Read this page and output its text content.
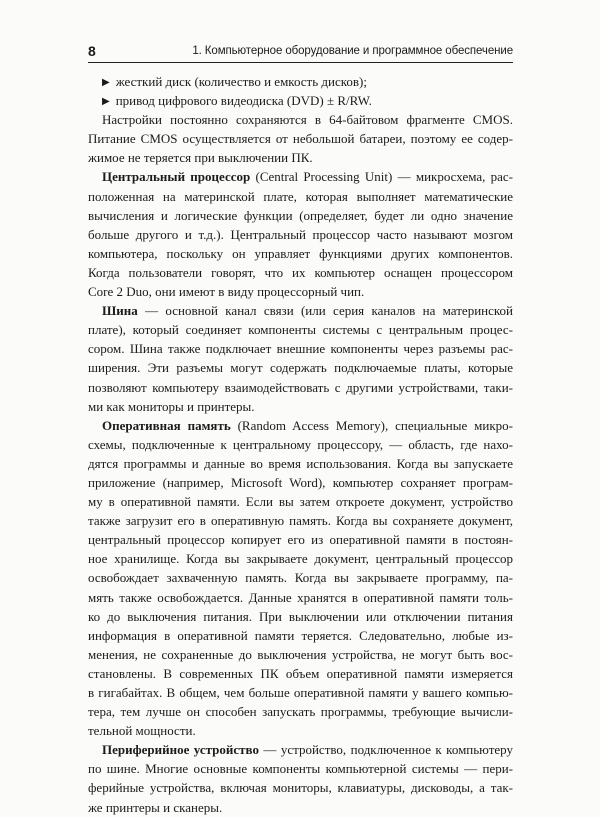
8	1. Компьютерное оборудование и программное обеспечение
▶ жесткий диск (количество и емкость дисков);
▶ привод цифрового видеодиска (DVD) ± R/RW.
Настройки постоянно сохраняются в 64-байтовом фрагменте CMOS.
Питание CMOS осуществляется от небольшой батареи, поэтому ее содер-
жимое не теряется при выключении ПК.
Центральный процессор (Central Processing Unit) — микросхема, рас-
положенная на материнской плате, которая выполняет математические
вычисления и логические функции (определяет, будет ли одно значение
больше другого и т.д.). Центральный процессор часто называют мозгом
компьютера, поскольку он управляет функциями других компонентов.
Когда пользователи говорят, что их компьютер оснащен процессором
Core 2 Duo, они имеют в виду процессорный чип.
Шина — основной канал связи (или серия каналов на материнской
плате), который соединяет компоненты системы с центральным процес-
сором. Шина также подключает внешние компоненты через разъемы рас-
ширения. Эти разъемы могут содержать подключаемые платы, которые
позволяют компьютеру взаимодействовать с другими устройствами, таки-
ми как мониторы и принтеры.
Оперативная память (Random Access Memory), специальные микро-
схемы, подключенные к центральному процессору, — область, где нахо-
дятся программы и данные во время использования. Когда вы запускаете
приложение (например, Microsoft Word), компьютер сохраняет програм-
му в оперативной памяти. Если вы затем откроете документ, устройство
также загрузит его в оперативную память. Когда вы сохраняете документ,
центральный процессор копирует его из оперативной памяти в постоян-
ное хранилище. Когда вы закрываете документ, центральный процессор
освобождает захваченную память. Когда вы закрываете программу, па-
мять также освобождается. Данные хранятся в оперативной памяти толь-
ко до выключения питания. При выключении или отключении питания
информация в оперативной памяти теряется. Следовательно, любые из-
менения, не сохраненные до выключения устройства, не могут быть вос-
становлены. В современных ПК объем оперативной памяти измеряется
в гигабайтах. В общем, чем больше оперативной памяти у вашего компью-
тера, тем лучше он способен запускать программы, требующие вычисли-
тельной мощности.
Периферийное устройство — устройство, подключенное к компьютеру
по шине. Многие основные компоненты компьютерной системы — пери-
ферийные устройства, включая мониторы, клавиатуры, дисководы, а так-
же принтеры и сканеры.
